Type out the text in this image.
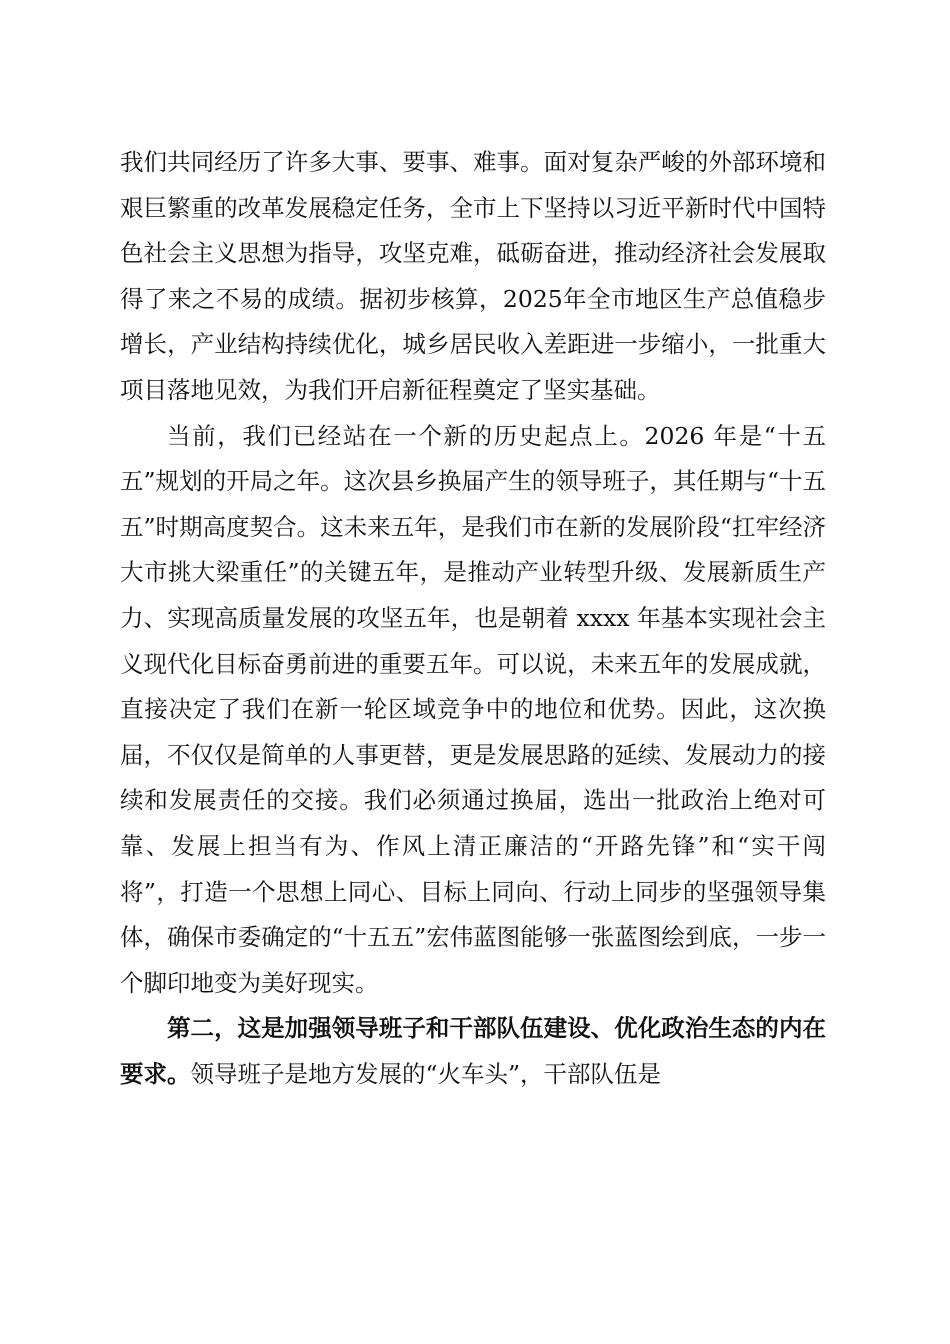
我们共同经历了许多大事、要事、难事。面对复杂严峻的外部环境和艰巨繁重的改革发展稳定任务，全市上下坚持以习近平新时代中国特色社会主义思想为指导，攻坚克难，砥砺奋进，推动经济社会发展取得了来之不易的成绩。据初步核算，2025年全市地区生产总值稳步增长，产业结构持续优化，城乡居民收入差距进一步缩小，一批重大项目落地见效，为我们开启新征程奠定了坚实基础。

当前，我们已经站在一个新的历史起点上。2026 年是“十五五”规划的开局之年。这次县乡换届产生的领导班子，其任期与“十五五”时期高度契合。这未来五年，是我们市在新的发展阶段“扛牢经济大市挑大梁重任”的关键五年，是推动产业转型升级、发展新质生产力、实现高质量发展的攻坚五年，也是朝着 xxxx 年基本实现社会主义现代化目标奋勇前进的重要五年。可以说，未来五年的发展成就，直接决定了我们在新一轮区域竞争中的地位和优势。因此，这次换届，不仅仅是简单的人事更替，更是发展思路的延续、发展动力的接续和发展责任的交接。我们必须通过换届，选出一批政治上绝对可靠、发展上担当有为、作风上清正廉洁的“开路先锋”和“实干闯将”，打造一个思想上同心、目标上同向、行动上同步的坚强领导集体，确保市委确定的“十五五”宏伟蓝图能够一张蓝图绘到底，一步一个脚印地变为美好现实。

第二，这是加强领导班子和干部队伍建设、优化政治生态的内在要求。领导班子是地方发展的“火车头”，干部队伍是
